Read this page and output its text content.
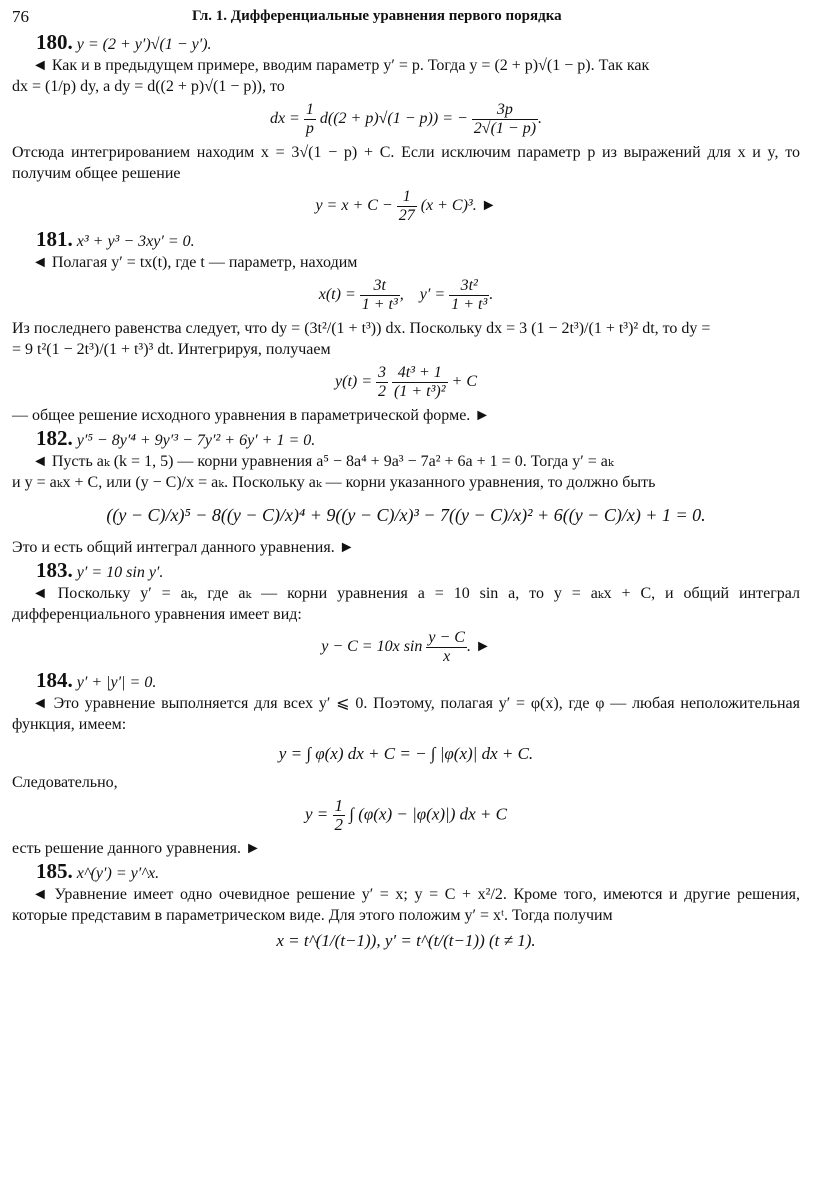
76	Гл. 1. Дифференциальные уравнения первого порядка
180. y = (2 + y′)√(1 − y′).

◄ Как и в предыдущем примере, вводим параметр y′ = p. Тогда y = (2 + p)√(1 − p). Так как

dx = (1/p) dy, а dy = d((2 + p)√(1 − p)), то

dx = $\frac{1}{p} d((2 + p)√(1 - p))$ = − $\frac{3p}{2√(1 - p)}$ .

Отсюда интегрированием находим x = 3√(1 − p) + C. Если исключим параметр p из выражений для x и y, то получим общее решение

$y = x + C - \frac{1}{27} (x + C)^3$. ►
181. x³ + y³ − 3xy′ = 0.

◄ Полагая y′ = tx(t), где t — параметр, находим

$x(t) = \frac{3t}{\text{1 + t³}}$ ,    $y' = \frac{\text{3t²}}{\text{1 + t³}}$ .

Из последнего равенства следует, что dy = (3t²/(1 + t³)) dx. Поскольку dx = 3 (1 − 2t³)/(1 + t³)² dt, то dy =

= 9 t²(1 − 2t³)/(1 + t³)³ dt. Интегрируя, получаем

$y(t) = \frac{3}{2}$
$\frac{\text{4t³ + 1}}{\text{(1 + t³)²}} + C$

— общее решение исходного уравнения в параметрической форме. ►

182. y′⁵ − 8y′⁴ + 9y′³ − 7y′² + 6y′ + 1 = 0.

◄ Пусть aₖ (k = 1, 5) — корни уравнения a⁵ − 8a⁴ + 9a³ − 7a² + 6a + 1 = 0. Тогда y′ = aₖ

и y = aₖx + C, или (y − C)/x = aₖ. Поскольку aₖ — корни указанного уравнения, то должно быть

((y − C)/x)⁵ − 8((y − C)/x)⁴ + 9((y − C)/x)³ − 7((y − C)/x)² + 6((y − C)/x) + 1 = 0.

Это и есть общий интеграл данного уравнения. ►

183. y′ = 10 sin y′.

◄ Поскольку y′ = aₖ, где aₖ — корни уравнения a = 10 sin a, то y = aₖx + C, и общий интеграл дифференциального уравнения имеет вид:

y − C = 10x $\sin \frac{y - C}{x}$ . ►
184. y′ + |y′| = 0.

◄ Это уравнение выполняется для всех y′ ⩽ 0. Поэтому, полагая y′ = φ(x), где φ — любая неположительная функция, имеем:

y = ∫ φ(x) dx + C = − ∫ |φ(x)| dx + C.

Следовательно,

$y = \frac{1}{2}$ ∫ (φ(x) − |φ(x)|) dx + C

есть решение данного уравнения. ►

185. x^(y′) = y′^x.

◄ Уравнение имеет одно очевидное решение y′ = x; y = C + x²/2. Кроме того, имеются и другие решения, которые представим в параметрическом виде. Для этого положим y′ = xᵗ. Тогда получим

x = t^(1/(t−1)), y′ = t^(t/(t−1)) (t ≠ 1).
